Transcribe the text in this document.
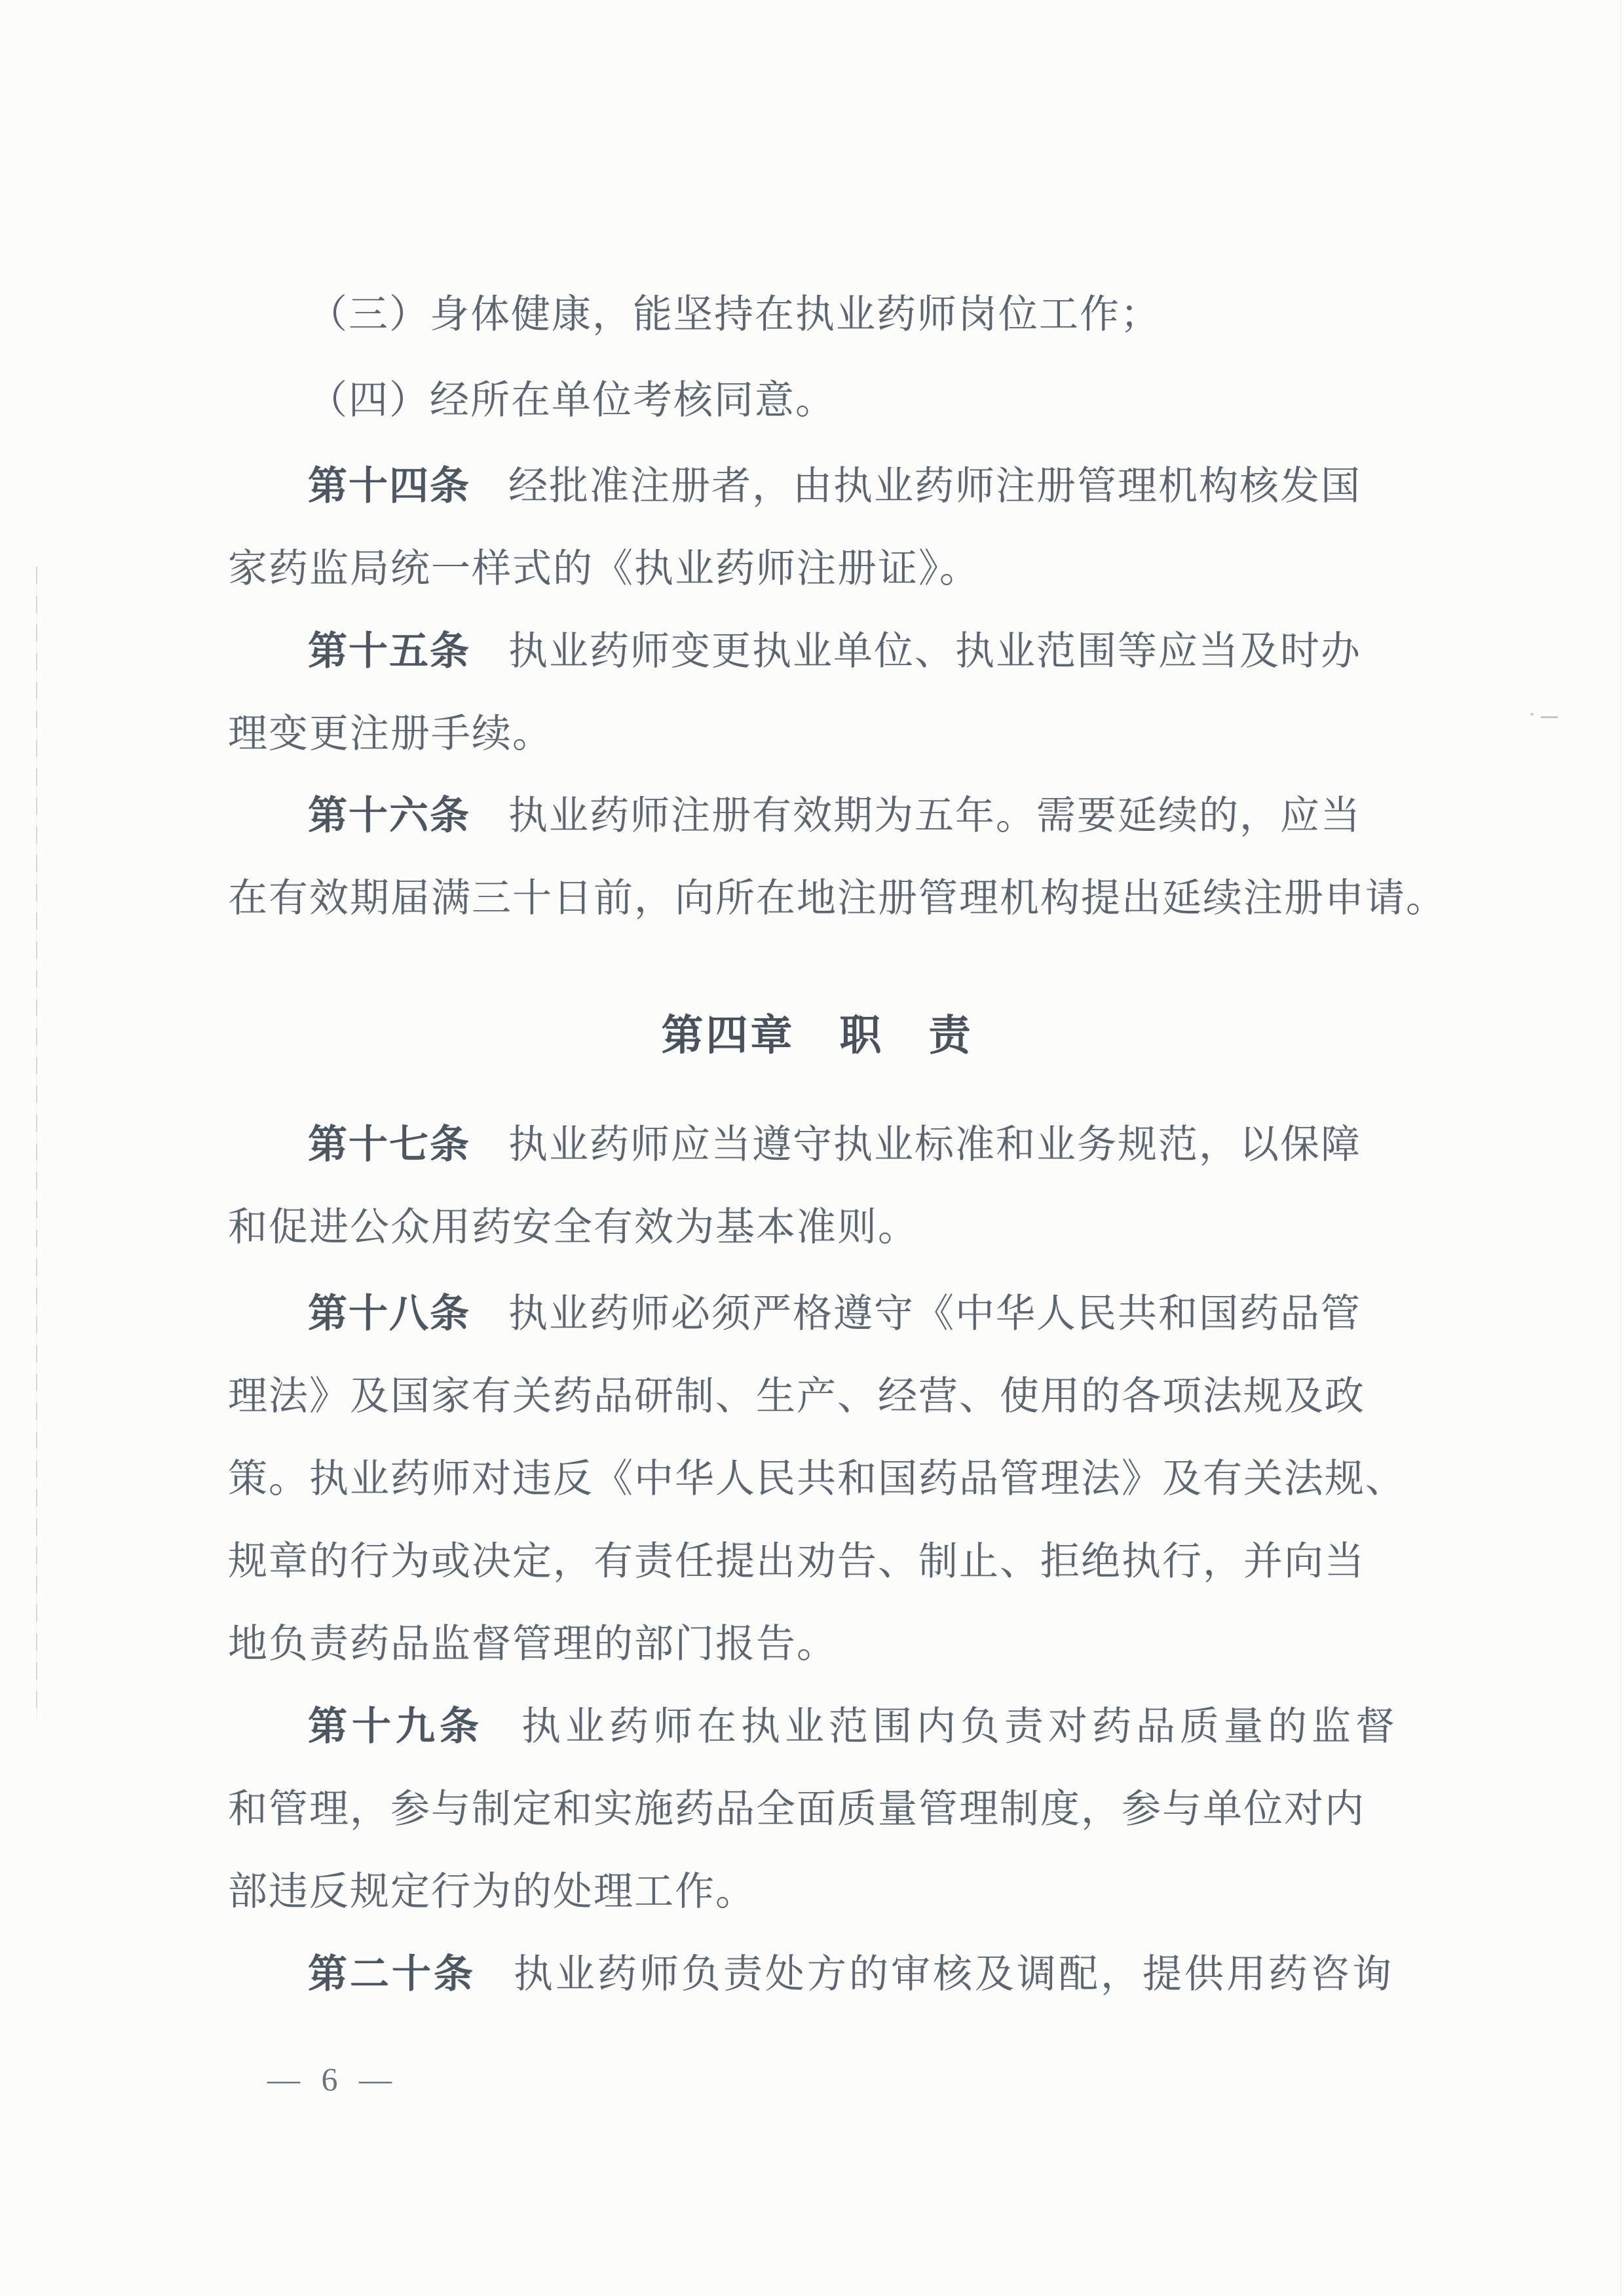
（三）身体健康，能坚持在执业药师岗位工作；
（四）经所在单位考核同意。
第十四条 经批准注册者，由执业药师注册管理机构核发国
家药监局统一样式的《执业药师注册证》。
第十五条 执业药师变更执业单位、执业范围等应当及时办
理变更注册手续。
第十六条 执业药师注册有效期为五年。需要延续的，应当
在有效期届满三十日前，向所在地注册管理机构提出延续注册申请。
第四章　职　责
第十七条 执业药师应当遵守执业标准和业务规范，以保障
和促进公众用药安全有效为基本准则。
第十八条 执业药师必须严格遵守《中华人民共和国药品管
理法》及国家有关药品研制、生产、经营、使用的各项法规及政
策。执业药师对违反《中华人民共和国药品管理法》及有关法规、
规章的行为或决定，有责任提出劝告、制止、拒绝执行，并向当
地负责药品监督管理的部门报告。
第十九条 执业药师在执业范围内负责对药品质量的监督
和管理，参与制定和实施药品全面质量管理制度，参与单位对内
部违反规定行为的处理工作。
第二十条 执业药师负责处方的审核及调配，提供用药咨询
— 6 —
